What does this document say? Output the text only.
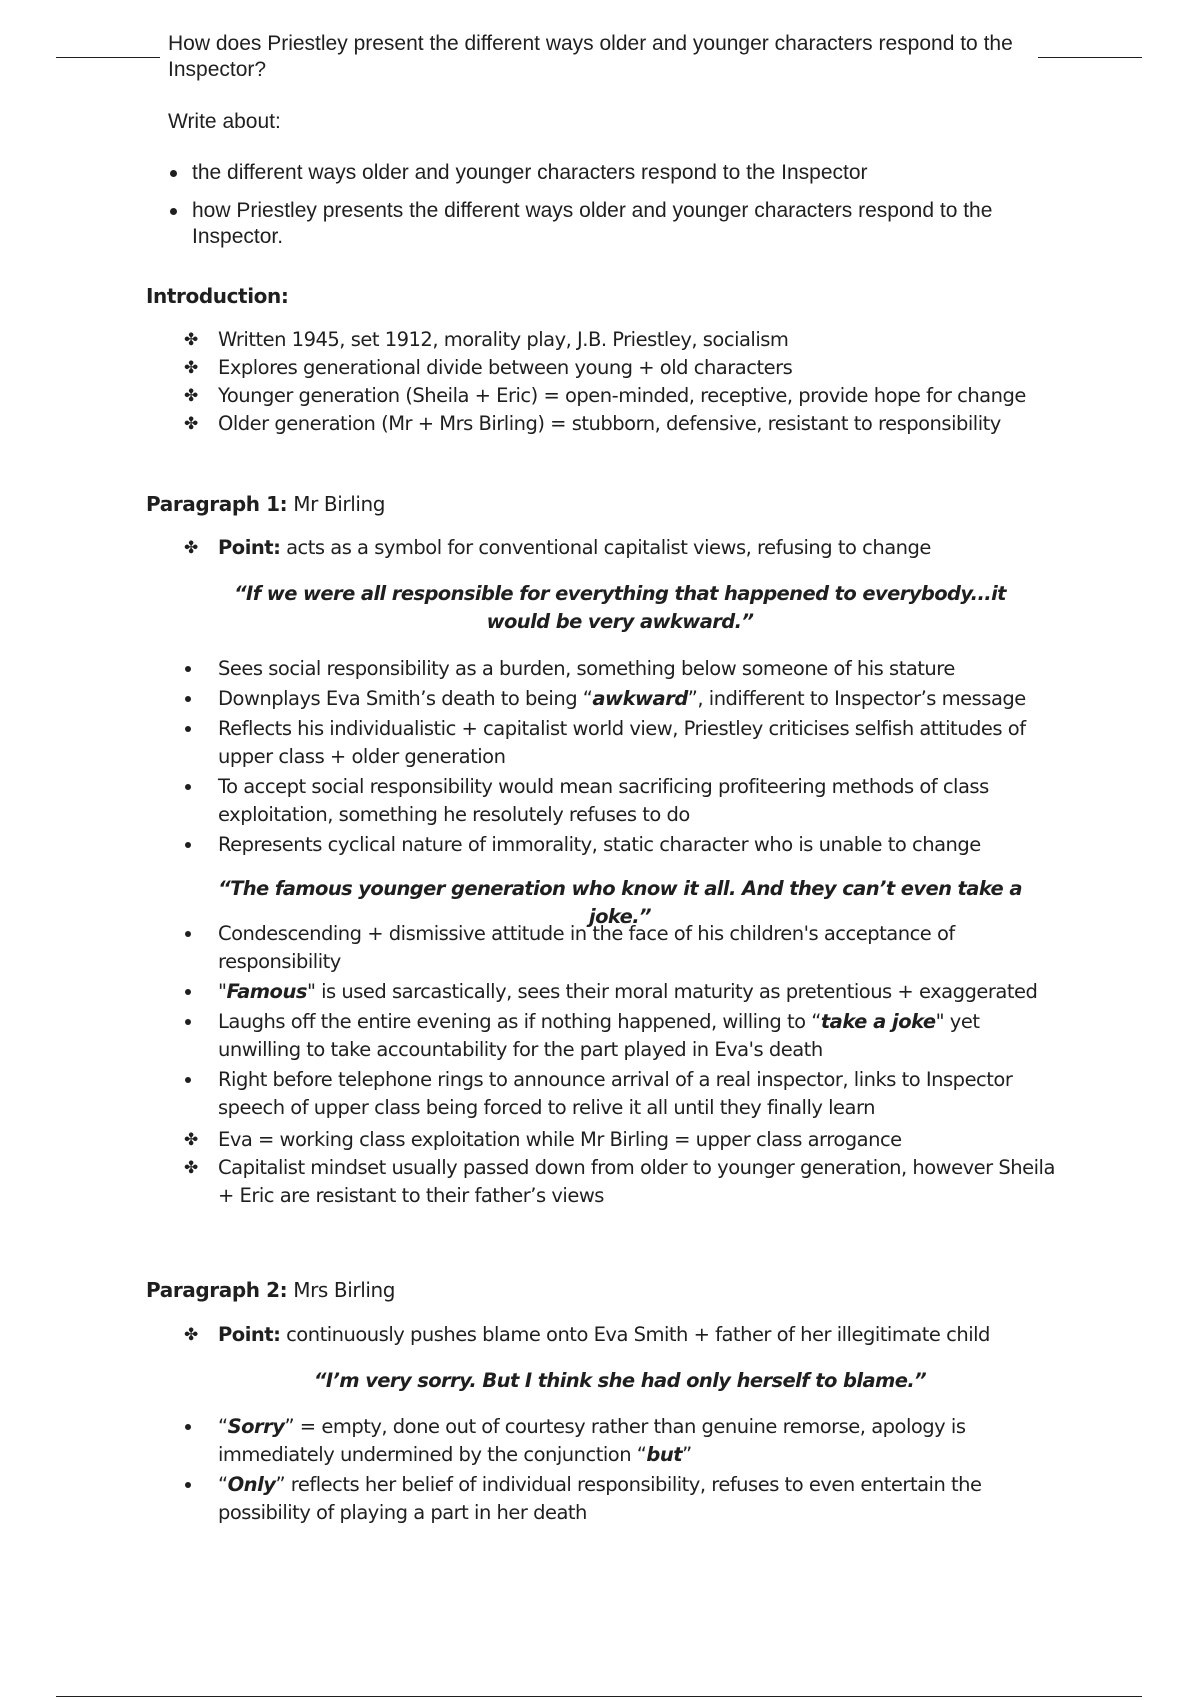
How does Priestley present the different ways older and younger characters respond to the Inspector?
Write about:
the different ways older and younger characters respond to the Inspector
how Priestley presents the different ways older and younger characters respond to the Inspector.
Introduction:
✤ Written 1945, set 1912, morality play, J.B. Priestley, socialism
✤ Explores generational divide between young + old characters
✤ Younger generation (Sheila + Eric) = open-minded, receptive, provide hope for change
✤ Older generation (Mr + Mrs Birling) = stubborn, defensive, resistant to responsibility
Paragraph 1: Mr Birling
✤ Point: acts as a symbol for conventional capitalist views, refusing to change
“If we were all responsible for everything that happened to everybody...it would be very awkward.”
Sees social responsibility as a burden, something below someone of his stature
Downplays Eva Smith’s death to being “awkward”, indifferent to Inspector’s message
Reflects his individualistic + capitalist world view, Priestley criticises selfish attitudes of upper class + older generation
To accept social responsibility would mean sacrificing profiteering methods of class exploitation, something he resolutely refuses to do
Represents cyclical nature of immorality, static character who is unable to change
“The famous younger generation who know it all. And they can’t even take a joke.”
Condescending + dismissive attitude in the face of his children's acceptance of responsibility
"Famous" is used sarcastically, sees their moral maturity as pretentious + exaggerated
Laughs off the entire evening as if nothing happened, willing to “take a joke" yet unwilling to take accountability for the part played in Eva's death
Right before telephone rings to announce arrival of a real inspector, links to Inspector speech of upper class being forced to relive it all until they finally learn
✤ Eva = working class exploitation while Mr Birling = upper class arrogance
✤ Capitalist mindset usually passed down from older to younger generation, however Sheila + Eric are resistant to their father’s views
Paragraph 2: Mrs Birling
✤ Point: continuously pushes blame onto Eva Smith + father of her illegitimate child
“I’m very sorry. But I think she had only herself to blame.”
“Sorry” = empty, done out of courtesy rather than genuine remorse, apology is immediately undermined by the conjunction “but”
“Only” reflects her belief of individual responsibility, refuses to even entertain the possibility of playing a part in her death
